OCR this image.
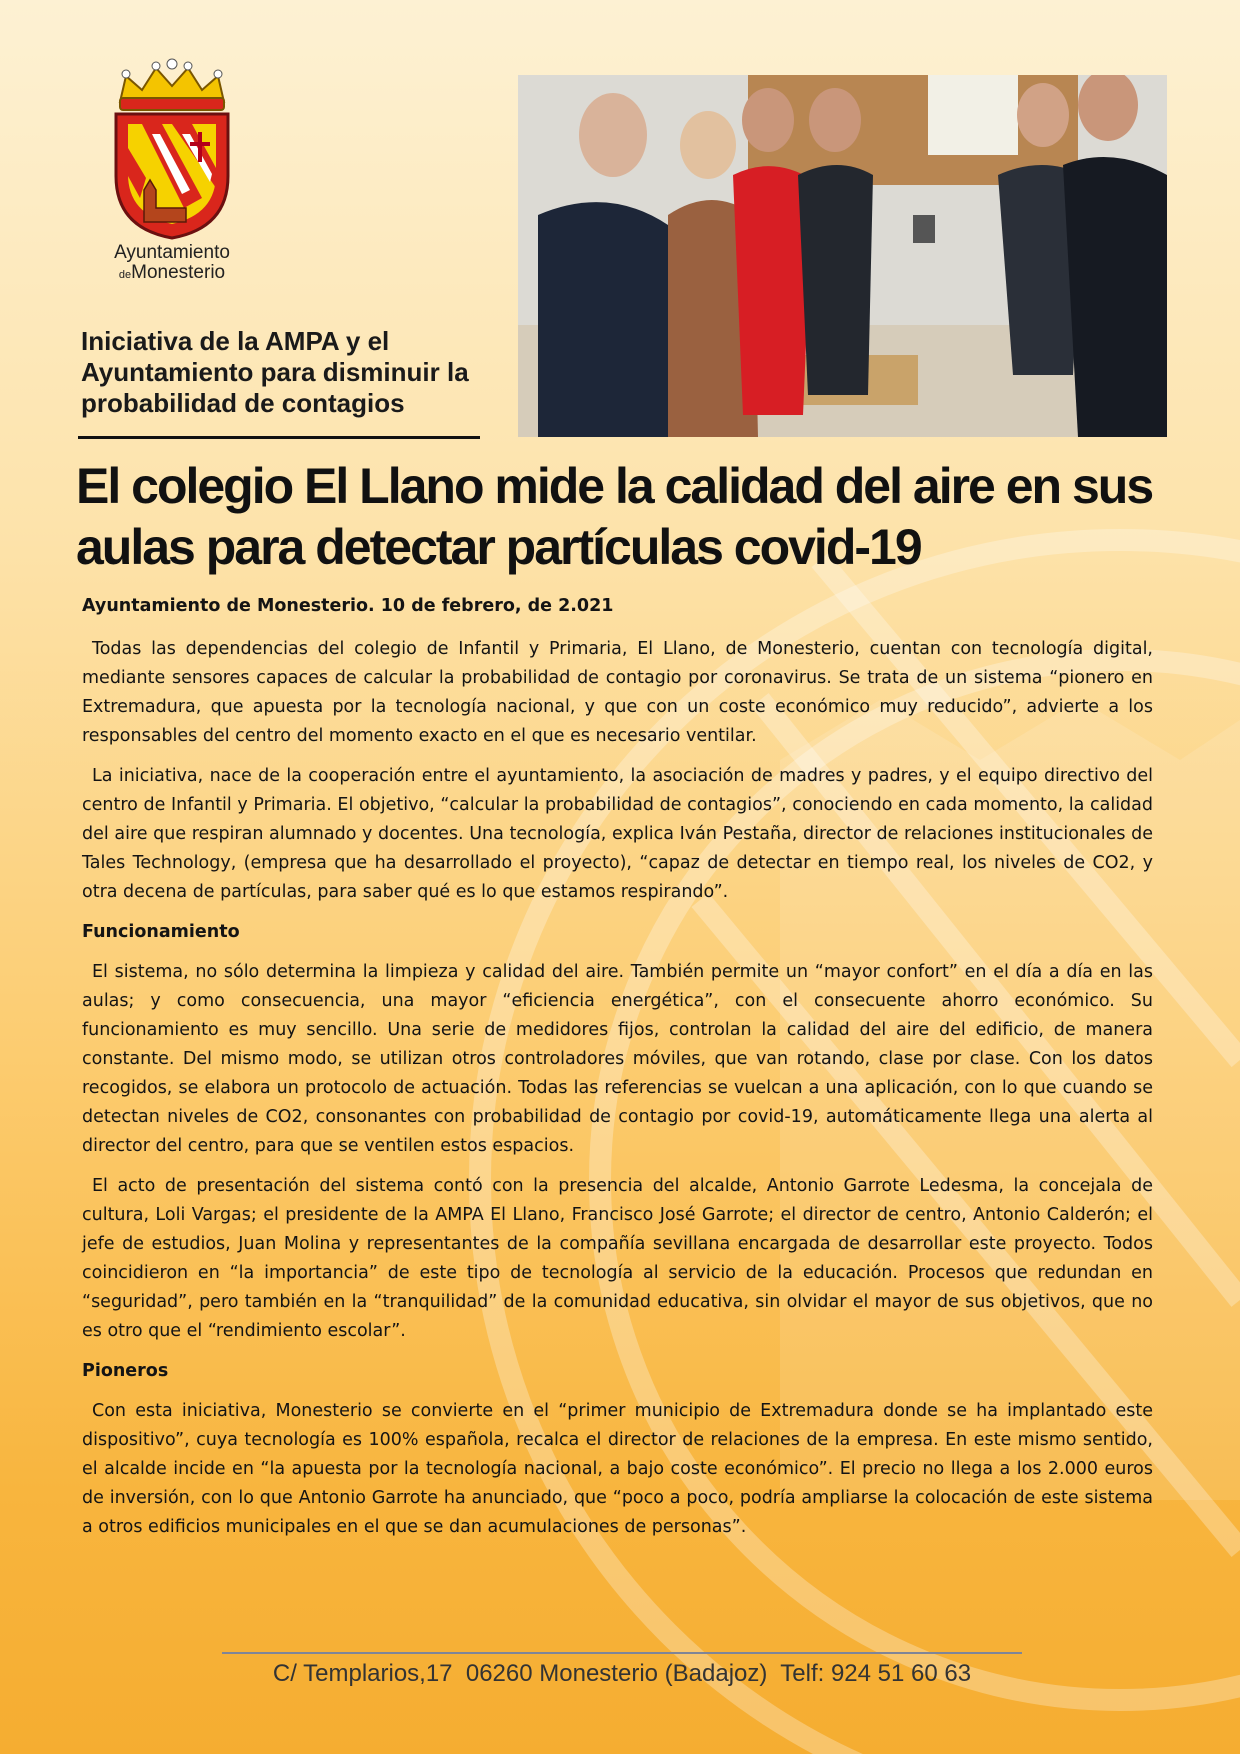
Ayuntamiento
deMonesterio
Iniciativa de la AMPA y el Ayuntamiento para disminuir la probabilidad de contagios
El colegio El Llano mide la calidad del aire en sus aulas para detectar partículas covid-19

Ayuntamiento de Monesterio. 10 de febrero, de 2.021

Todas las dependencias del colegio de Infantil y Primaria, El Llano, de Monesterio, cuentan con tecnología digital, mediante sensores capaces de calcular la probabilidad de contagio por coronavirus. Se trata de un sistema “pionero en Extremadura, que apuesta por la tecnología nacional, y que con un coste económico muy reducido”, advierte a los responsables del centro del momento exacto en el que es necesario ventilar.

La iniciativa, nace de la cooperación entre el ayuntamiento, la asociación de madres y padres, y el equipo directivo del centro de Infantil y Primaria. El objetivo, “calcular la probabilidad de contagios”, conociendo en cada momento, la calidad del aire que respiran alumnado y docentes. Una tecnología, explica Iván Pestaña, director de relaciones institucionales de Tales Technology, (empresa que ha desarrollado el proyecto), “capaz de detectar en tiempo real, los niveles de CO2, y otra decena de partículas, para saber qué es lo que estamos respirando”.

Funcionamiento

El sistema, no sólo determina la limpieza y calidad del aire. También permite un “mayor confort” en el día a día en las aulas; y como consecuencia, una mayor “eficiencia energética”, con el consecuente ahorro económico. Su funcionamiento es muy sencillo. Una serie de medidores fijos, controlan la calidad del aire del edificio, de manera constante. Del mismo modo, se utilizan otros controladores móviles, que van rotando, clase por clase. Con los datos recogidos, se elabora un protocolo de actuación. Todas las referencias se vuelcan a una aplicación, con lo que cuando se detectan niveles de CO2, consonantes con probabilidad de contagio por covid-19, automáticamente llega una alerta al director del centro, para que se ventilen estos espacios.

El acto de presentación del sistema contó con la presencia del alcalde, Antonio Garrote Ledesma, la concejala de cultura, Loli Vargas; el presidente de la AMPA El Llano, Francisco José Garrote; el director de centro, Antonio Calderón; el jefe de estudios, Juan Molina y representantes de la compañía sevillana encargada de desarrollar este proyecto. Todos coincidieron en “la importancia” de este tipo de tecnología al servicio de la educación. Procesos que redundan en “seguridad”, pero también en la “tranquilidad” de la comunidad educativa, sin olvidar el mayor de sus objetivos, que no es otro que el “rendimiento escolar”.

Pioneros

Con esta iniciativa, Monesterio se convierte en el “primer municipio de Extremadura donde se ha implantado este dispositivo”, cuya tecnología es 100% española, recalca el director de relaciones de la empresa. En este mismo sentido, el alcalde incide en “la apuesta por la tecnología nacional, a bajo coste económico”. El precio no llega a los 2.000 euros de inversión, con lo que Antonio Garrote ha anunciado, que “poco a poco, podría ampliarse la colocación de este sistema a otros edificios municipales en el que se dan acumulaciones de personas”.

C/ Templarios,17  06260 Monesterio (Badajoz)  Telf: 924 51 60 63
